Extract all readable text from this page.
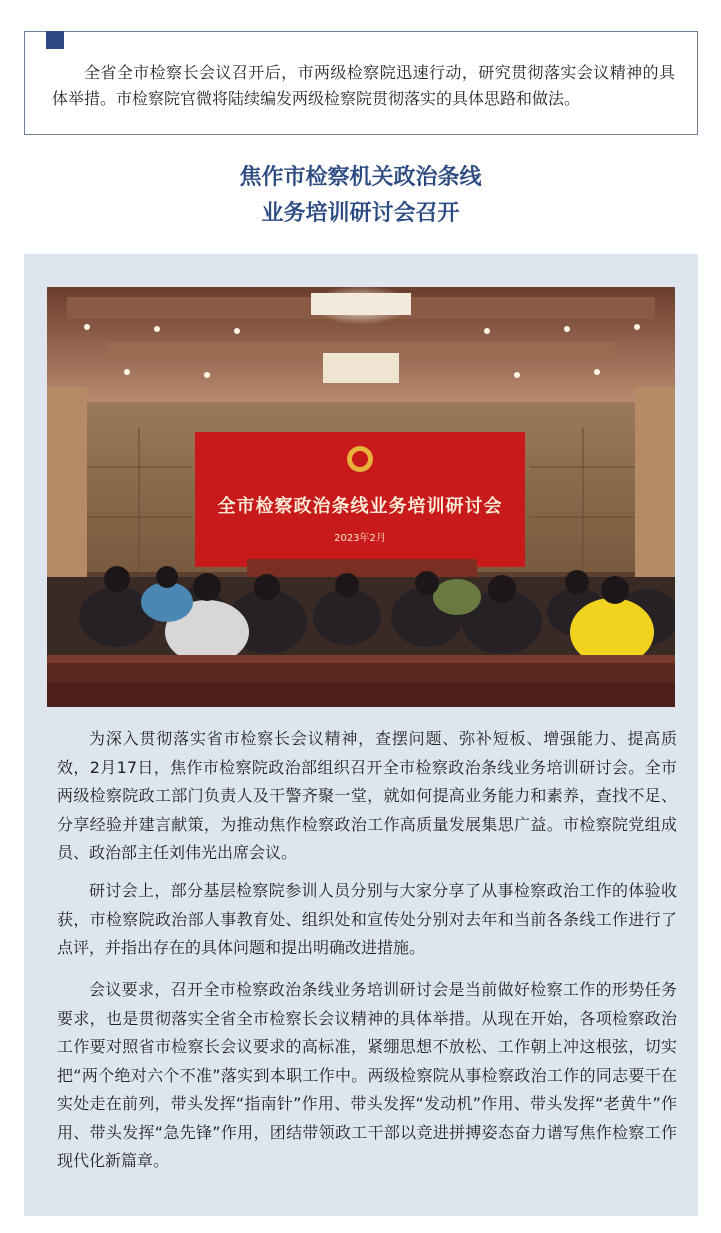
全省全市检察长会议召开后，市两级检察院迅速行动，研究贯彻落实会议精神的具体举措。市检察院官微将陆续编发两级检察院贯彻落实的具体思路和做法。

焦作市检察机关政治条线
业务培训研讨会召开
全市检察政治条线业务培训研讨会
2023年2月

为深入贯彻落实省市检察长会议精神，查摆问题、弥补短板、增强能力、提高质效，2月17日，焦作市检察院政治部组织召开全市检察政治条线业务培训研讨会。全市两级检察院政工部门负责人及干警齐聚一堂，就如何提高业务能力和素养，查找不足、分享经验并建言献策，为推动焦作检察政治工作高质量发展集思广益。市检察院党组成员、政治部主任刘伟光出席会议。

研讨会上，部分基层检察院参训人员分别与大家分享了从事检察政治工作的体验收获，市检察院政治部人事教育处、组织处和宣传处分别对去年和当前各条线工作进行了点评，并指出存在的具体问题和提出明确改进措施。

会议要求，召开全市检察政治条线业务培训研讨会是当前做好检察工作的形势任务要求，也是贯彻落实全省全市检察长会议精神的具体举措。从现在开始，各项检察政治工作要对照省市检察长会议要求的高标准，紧绷思想不放松、工作朝上冲这根弦，切实把“两个绝对六个不准”落实到本职工作中。两级检察院从事检察政治工作的同志要干在实处走在前列，带头发挥“指南针”作用、带头发挥“发动机”作用、带头发挥“老黄牛”作用、带头发挥“急先锋”作用，团结带领政工干部以竞进拼搏姿态奋力谱写焦作检察工作现代化新篇章。
